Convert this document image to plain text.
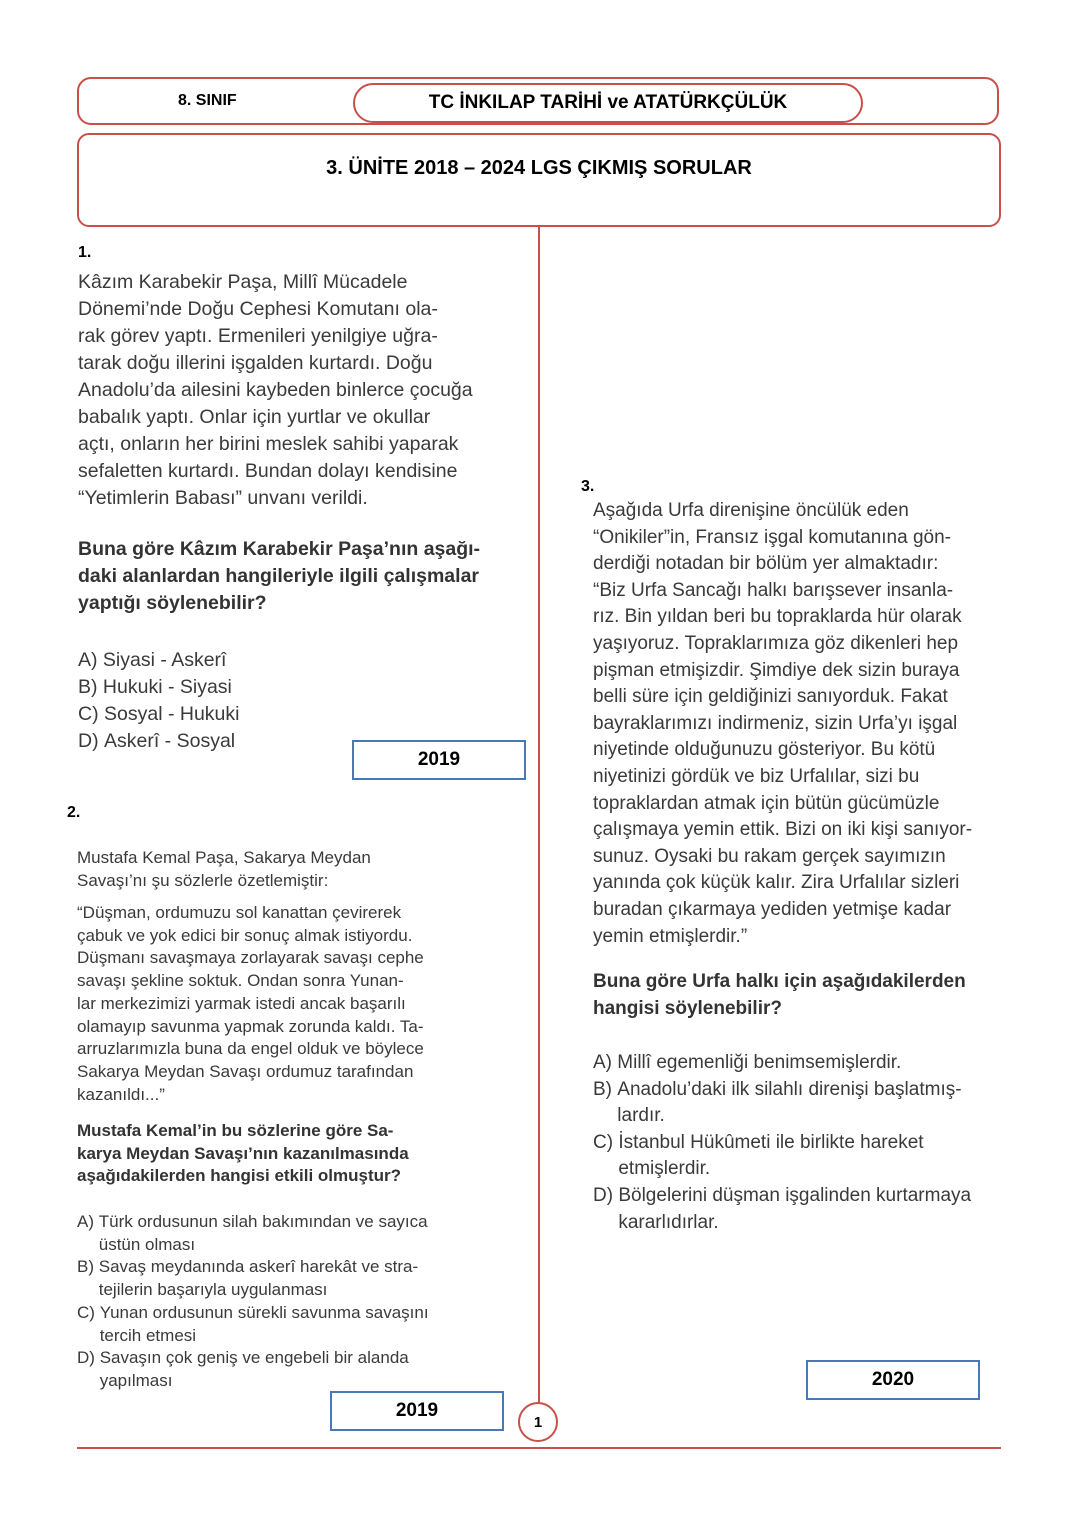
8. SINIF	TC İNKILAP TARİHİ ve ATATÜRKÇÜLÜK
3. ÜNİTE 2018 – 2024 LGS ÇIKMIŞ SORULAR
1.
Kâzım Karabekir Paşa, Millî Mücadele
Dönemi’nde Doğu Cephesi Komutanı ola-
rak görev yaptı. Ermenileri yenilgiye uğra-
tarak doğu illerini işgalden kurtardı. Doğu
Anadolu’da ailesini kaybeden binlerce çocuğa
babalık yaptı. Onlar için yurtlar ve okullar
açtı, onların her birini meslek sahibi yaparak
sefaletten kurtardı. Bundan dolayı kendisine
“Yetimlerin Babası” unvanı verildi.
Buna göre Kâzım Karabekir Paşa’nın aşağı-
daki alanlardan hangileriyle ilgili çalışmalar
yaptığı söylenebilir?
A)
Siyasi - Askerî
B)
Hukuki - Siyasi
C)
Sosyal - Hukuki
D)
Askerî - Sosyal
2019
2.
Mustafa Kemal Paşa, Sakarya Meydan
Savaşı’nı şu sözlerle özetlemiştir:
“Düşman, ordumuzu sol kanattan çevirerek
çabuk ve yok edici bir sonuç almak istiyordu.
Düşmanı savaşmaya zorlayarak savaşı cephe
savaşı şekline soktuk. Ondan sonra Yunan-
lar merkezimizi yarmak istedi ancak başarılı
olamayıp savunma yapmak zorunda kaldı. Ta-
arruzlarımızla buna da engel olduk ve böylece
Sakarya Meydan Savaşı ordumuz tarafından
kazanıldı...”
Mustafa Kemal’in bu sözlerine göre Sa-
karya Meydan Savaşı’nın kazanılmasında
aşağıdakilerden hangisi etkili olmuştur?
A)
Türk ordusunun silah bakımından ve sayıca
üstün olması
B)
Savaş meydanında askerî harekât ve stra-
tejilerin başarıyla uygulanması
C)
Yunan ordusunun sürekli savunma savaşını
tercih etmesi
D)
Savaşın çok geniş ve engebeli bir alanda
yapılması
2019
3.
Aşağıda Urfa direnişine öncülük eden
“Onikiler”in, Fransız işgal komutanına gön-
derdiği notadan bir bölüm yer almaktadır:
“Biz Urfa Sancağı halkı barışsever insanla-
rız. Bin yıldan beri bu topraklarda hür olarak
yaşıyoruz. Topraklarımıza göz dikenleri hep
pişman etmişizdir. Şimdiye dek sizin buraya
belli süre için geldiğinizi sanıyorduk. Fakat
bayraklarımızı indirmeniz, sizin Urfa’yı işgal
niyetinde olduğunuzu gösteriyor. Bu kötü
niyetinizi gördük ve biz Urfalılar, sizi bu
topraklardan atmak için bütün gücümüzle
çalışmaya yemin ettik. Bizi on iki kişi sanıyor-
sunuz. Oysaki bu rakam gerçek sayımızın
yanında çok küçük kalır. Zira Urfalılar sizleri
buradan çıkarmaya yediden yetmişe kadar
yemin etmişlerdir.”
Buna göre Urfa halkı için aşağıdakilerden
hangisi söylenebilir?
A)
Millî egemenliği benimsemişlerdir.
B)
Anadolu’daki ilk silahlı direnişi başlatmış-
lardır.
C)
İstanbul Hükûmeti ile birlikte hareket
etmişlerdir.
D)
Bölgelerini düşman işgalinden kurtarmaya
kararlıdırlar.
2020
1
